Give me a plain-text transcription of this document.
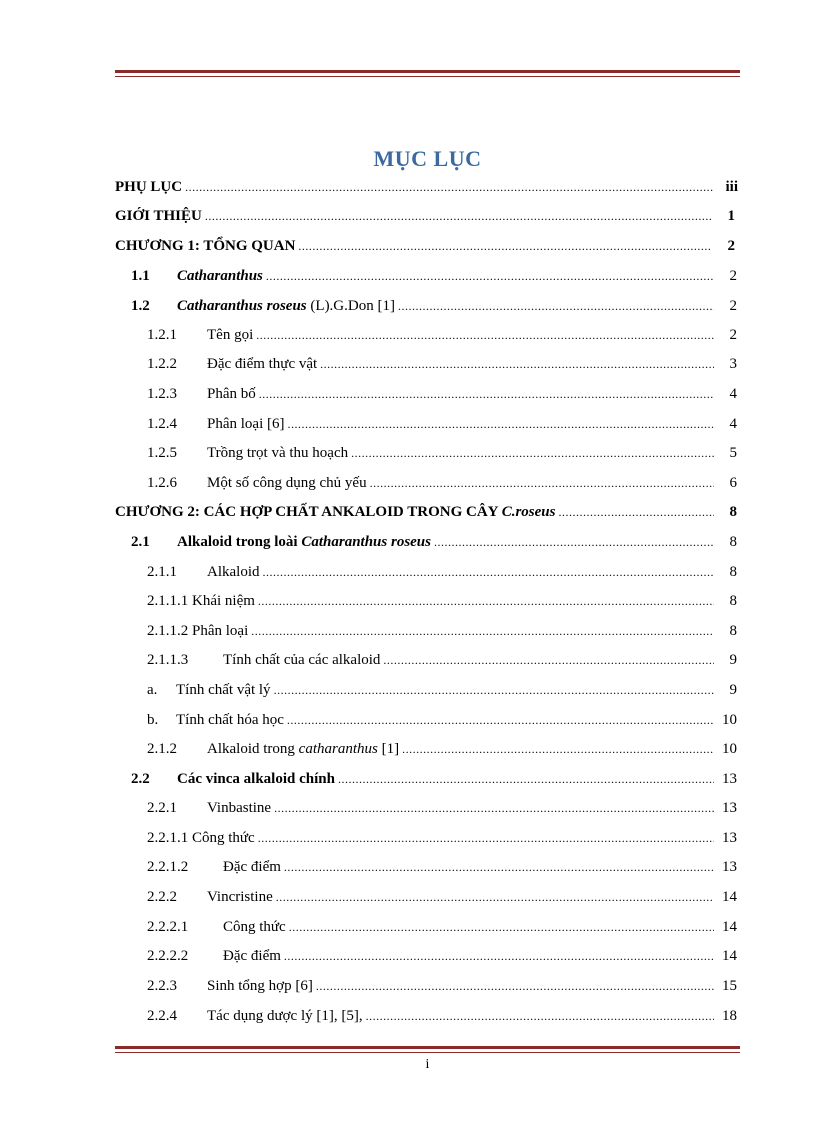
MỤC LỤC
PHỤ LỤC .....	iii
GIỚI THIỆU .....	1
CHƯƠNG 1: TỔNG QUAN .....	2
1.1	Catharanthus .....	2
1.2	Catharanthus roseus (L).G.Don [1] .....	2
1.2.1	Tên gọi .....	2
1.2.2	Đặc điểm thực vật .....	3
1.2.3	Phân bố .....	4
1.2.4	Phân loại [6] .....	4
1.2.5	Trồng trọt và thu hoạch .....	5
1.2.6	Một số công dụng chủ yếu .....	6
CHƯƠNG 2: CÁC HỢP CHẤT ANKALOID TRONG CÂY C.roseus .....	8
2.1	Alkaloid trong loài Catharanthus roseus .....	8
2.1.1	Alkaloid .....	8
2.1.1.1 Khái niệm .....	8
2.1.1.2 Phân loại .....	8
2.1.1.3	Tính chất của các alkaloid .....	9
a.	Tính chất vật lý .....	9
b.	Tính chất hóa học .....	10
2.1.2	Alkaloid trong catharanthus [1] .....	10
2.2	Các vinca alkaloid chính .....	13
2.2.1	Vinbastine .....	13
2.2.1.1 Công thức .....	13
2.2.1.2	Đặc điểm .....	13
2.2.2	Vincristine .....	14
2.2.2.1	Công thức .....	14
2.2.2.2	Đặc điểm .....	14
2.2.3	Sinh tổng hợp [6] .....	15
2.2.4	Tác dụng dược lý [1], [5], .....	18
i
